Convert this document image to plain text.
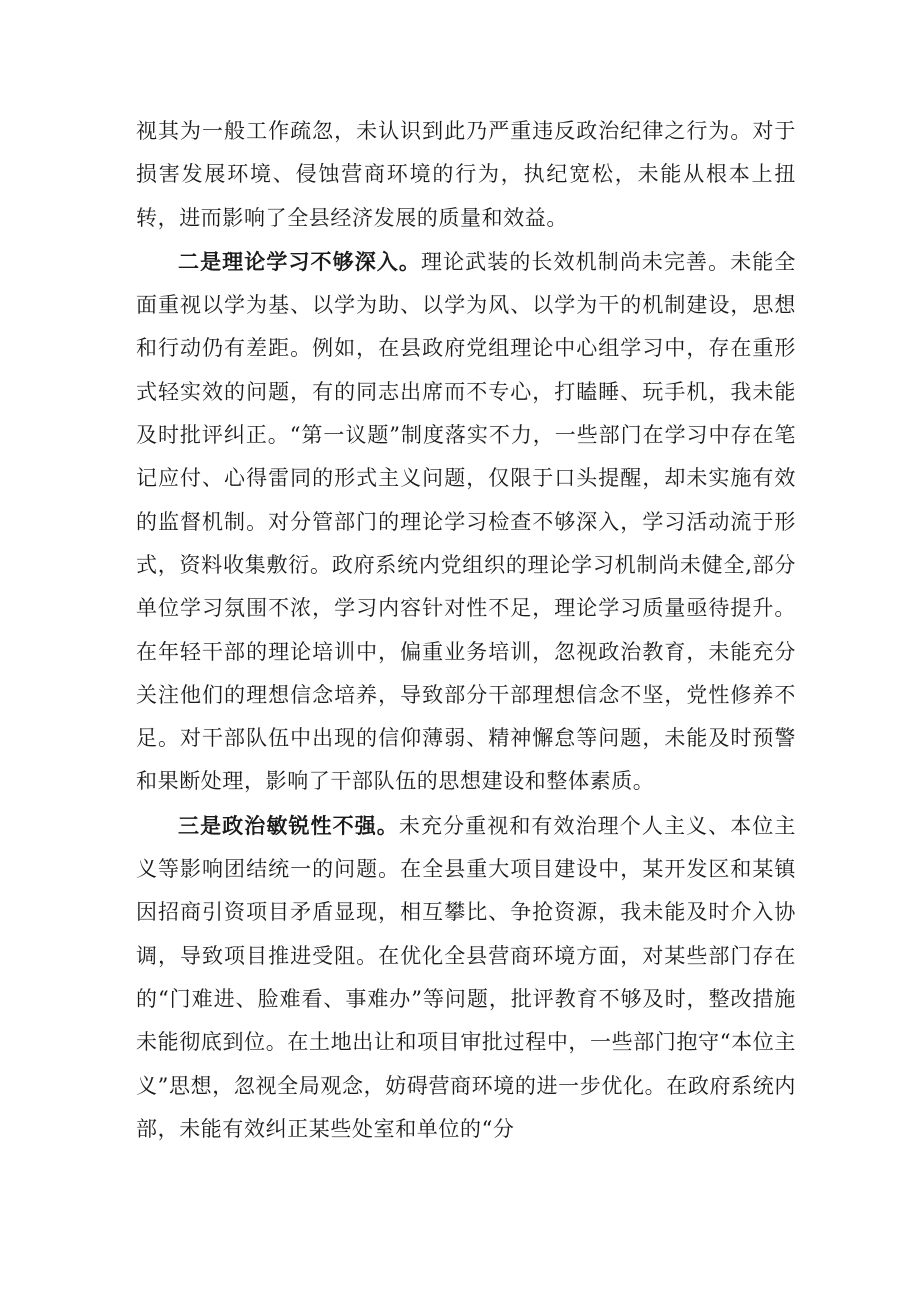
视其为一般工作疏忽，未认识到此乃严重违反政治纪律之行为。对于损害发展环境、侵蚀营商环境的行为，执纪宽松，未能从根本上扭转，进而影响了全县经济发展的质量和效益。

二是理论学习不够深入。理论武装的长效机制尚未完善。未能全面重视以学为基、以学为助、以学为风、以学为干的机制建设，思想和行动仍有差距。例如，在县政府党组理论中心组学习中，存在重形式轻实效的问题，有的同志出席而不专心，打瞌睡、玩手机，我未能及时批评纠正。“第一议题”制度落实不力，一些部门在学习中存在笔记应付、心得雷同的形式主义问题，仅限于口头提醒，却未实施有效的监督机制。对分管部门的理论学习检查不够深入，学习活动流于形式，资料收集敷衍。政府系统内党组织的理论学习机制尚未健全,部分单位学习氛围不浓，学习内容针对性不足，理论学习质量亟待提升。在年轻干部的理论培训中，偏重业务培训，忽视政治教育，未能充分关注他们的理想信念培养，导致部分干部理想信念不坚，党性修养不足。对干部队伍中出现的信仰薄弱、精神懈怠等问题，未能及时预警和果断处理，影响了干部队伍的思想建设和整体素质。

三是政治敏锐性不强。未充分重视和有效治理个人主义、本位主义等影响团结统一的问题。在全县重大项目建设中，某开发区和某镇因招商引资项目矛盾显现，相互攀比、争抢资源，我未能及时介入协调，导致项目推进受阻。在优化全县营商环境方面，对某些部门存在的“门难进、脸难看、事难办”等问题，批评教育不够及时，整改措施未能彻底到位。在土地出让和项目审批过程中，一些部门抱守“本位主义”思想，忽视全局观念，妨碍营商环境的进一步优化。在政府系统内部，未能有效纠正某些处室和单位的“分
